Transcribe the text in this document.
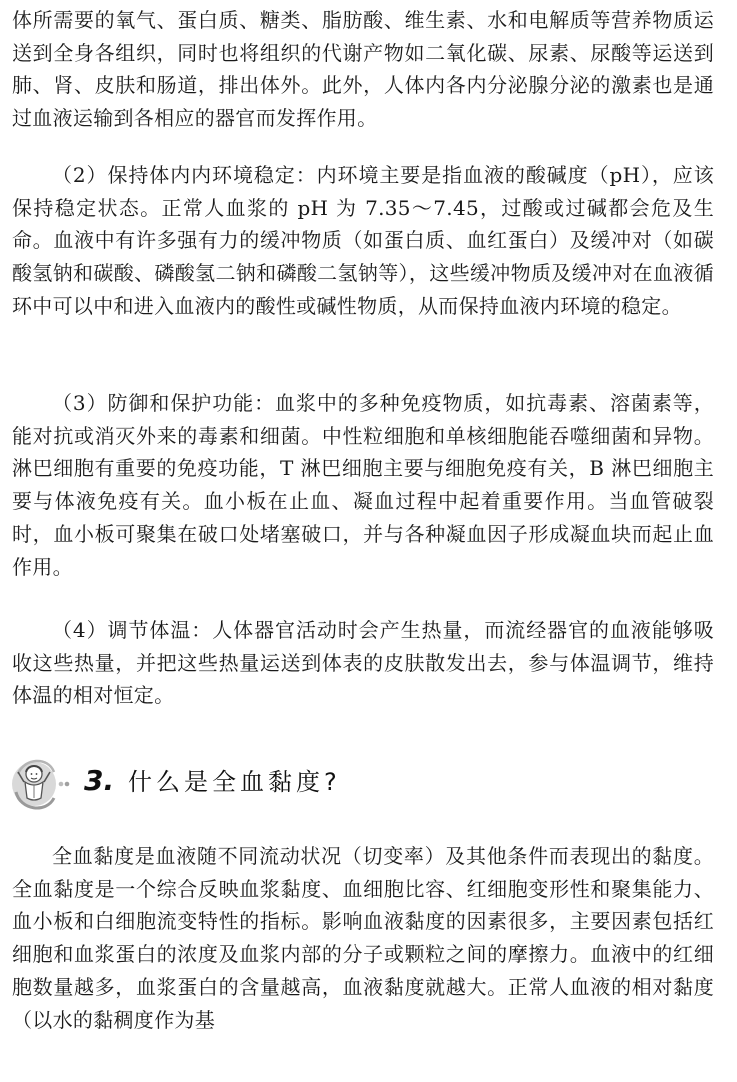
体所需要的氧气、蛋白质、糖类、脂肪酸、维生素、水和电解质等营养物质运送到全身各组织，同时也将组织的代谢产物如二氧化碳、尿素、尿酸等运送到肺、肾、皮肤和肠道，排出体外。此外，人体内各内分泌腺分泌的激素也是通过血液运输到各相应的器官而发挥作用。

（2）保持体内内环境稳定：内环境主要是指血液的酸碱度（pH），应该保持稳定状态。正常人血浆的 pH 为 7.35～7.45，过酸或过碱都会危及生命。血液中有许多强有力的缓冲物质（如蛋白质、血红蛋白）及缓冲对（如碳酸氢钠和碳酸、磷酸氢二钠和磷酸二氢钠等），这些缓冲物质及缓冲对在血液循环中可以中和进入血液内的酸性或碱性物质，从而保持血液内环境的稳定。

（3）防御和保护功能：血浆中的多种免疫物质，如抗毒素、溶菌素等，能对抗或消灭外来的毒素和细菌。中性粒细胞和单核细胞能吞噬细菌和异物。淋巴细胞有重要的免疫功能，T 淋巴细胞主要与细胞免疫有关，B 淋巴细胞主要与体液免疫有关。血小板在止血、凝血过程中起着重要作用。当血管破裂时，血小板可聚集在破口处堵塞破口，并与各种凝血因子形成凝血块而起止血作用。

（4）调节体温：人体器官活动时会产生热量，而流经器官的血液能够吸收这些热量，并把这些热量运送到体表的皮肤散发出去，参与体温调节，维持体温的相对恒定。

3. 什么是全血黏度?

全血黏度是血液随不同流动状况（切变率）及其他条件而表现出的黏度。全血黏度是一个综合反映血浆黏度、血细胞比容、红细胞变形性和聚集能力、血小板和白细胞流变特性的指标。影响血液黏度的因素很多，主要因素包括红细胞和血浆蛋白的浓度及血浆内部的分子或颗粒之间的摩擦力。血液中的红细胞数量越多，血浆蛋白的含量越高，血液黏度就越大。正常人血液的相对黏度（以水的黏稠度作为基
